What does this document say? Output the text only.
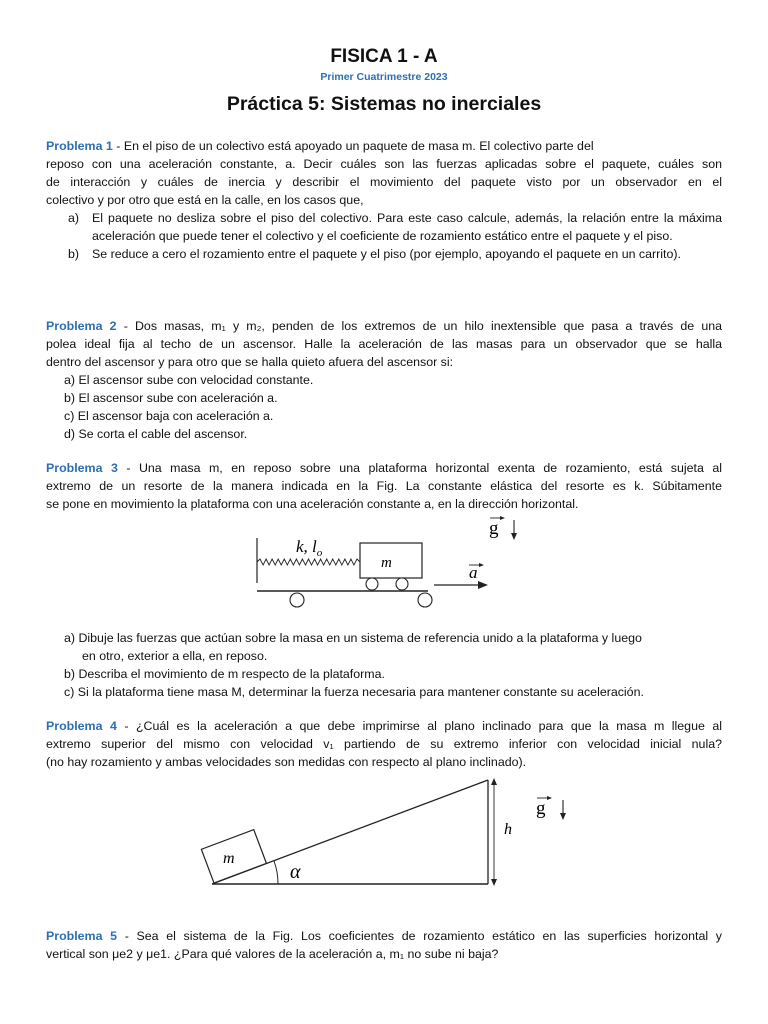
FISICA 1 - A
Primer Cuatrimestre 2023
Práctica 5: Sistemas no inerciales
Problema 1 - En el piso de un colectivo está apoyado un paquete de masa m. El colectivo parte del
reposo con una aceleración constante, a. Decir cuáles son las fuerzas aplicadas sobre el paquete, cuáles son
de interacción y cuáles de inercia y describir el movimiento del paquete visto por un observador en el
colectivo y por otro que está en la calle, en los casos que,
a) El paquete no desliza sobre el piso del colectivo. Para este caso calcule, además, la relación entre la máxima aceleración que puede tener el colectivo y el coeficiente de rozamiento estático entre el paquete y el piso.
b) Se reduce a cero el rozamiento entre el paquete y el piso (por ejemplo, apoyando el paquete en un carrito).
Problema 2 - Dos masas, m₁ y m₂, penden de los extremos de un hilo inextensible que pasa a través de una
polea ideal fija al techo de un ascensor. Halle la aceleración de las masas para un observador que se halla
dentro del ascensor y para otro que se halla quieto afuera del ascensor si:
a) El ascensor sube con velocidad constante.
b) El ascensor sube con aceleración a.
c) El ascensor baja con aceleración a.
d) Se corta el cable del ascensor.
Problema 3 - Una masa m, en reposo sobre una plataforma horizontal exenta de rozamiento, está sujeta al
extremo de un resorte de la manera indicada en la Fig. La constante elástica del resorte es k. Súbitamente
se pone en movimiento la plataforma con una aceleración constante a, en la dirección horizontal.
m
k, $l_o$
a
g
a) Dibuje las fuerzas que actúan sobre la masa en un sistema de referencia unido a la plataforma y luego
en otro, exterior a ella, en reposo.
b) Describa el movimiento de m respecto de la plataforma.
c) Si la plataforma tiene masa M, determinar la fuerza necesaria para mantener constante su aceleración.
Problema 4 - ¿Cuál es la aceleración a que debe imprimirse al plano inclinado para que la masa m llegue al
extremo superior del mismo con velocidad v₁ partiendo de su extremo inferior con velocidad inicial nula?
(no hay rozamiento y ambas velocidades son medidas con respecto al plano inclinado).
h
m
α
g
Problema 5 - Sea el sistema de la Fig. Los coeficientes de rozamiento estático en las superficies horizontal y
vertical son μe2 y μe1. ¿Para qué valores de la aceleración a, m₁ no sube ni baja?
